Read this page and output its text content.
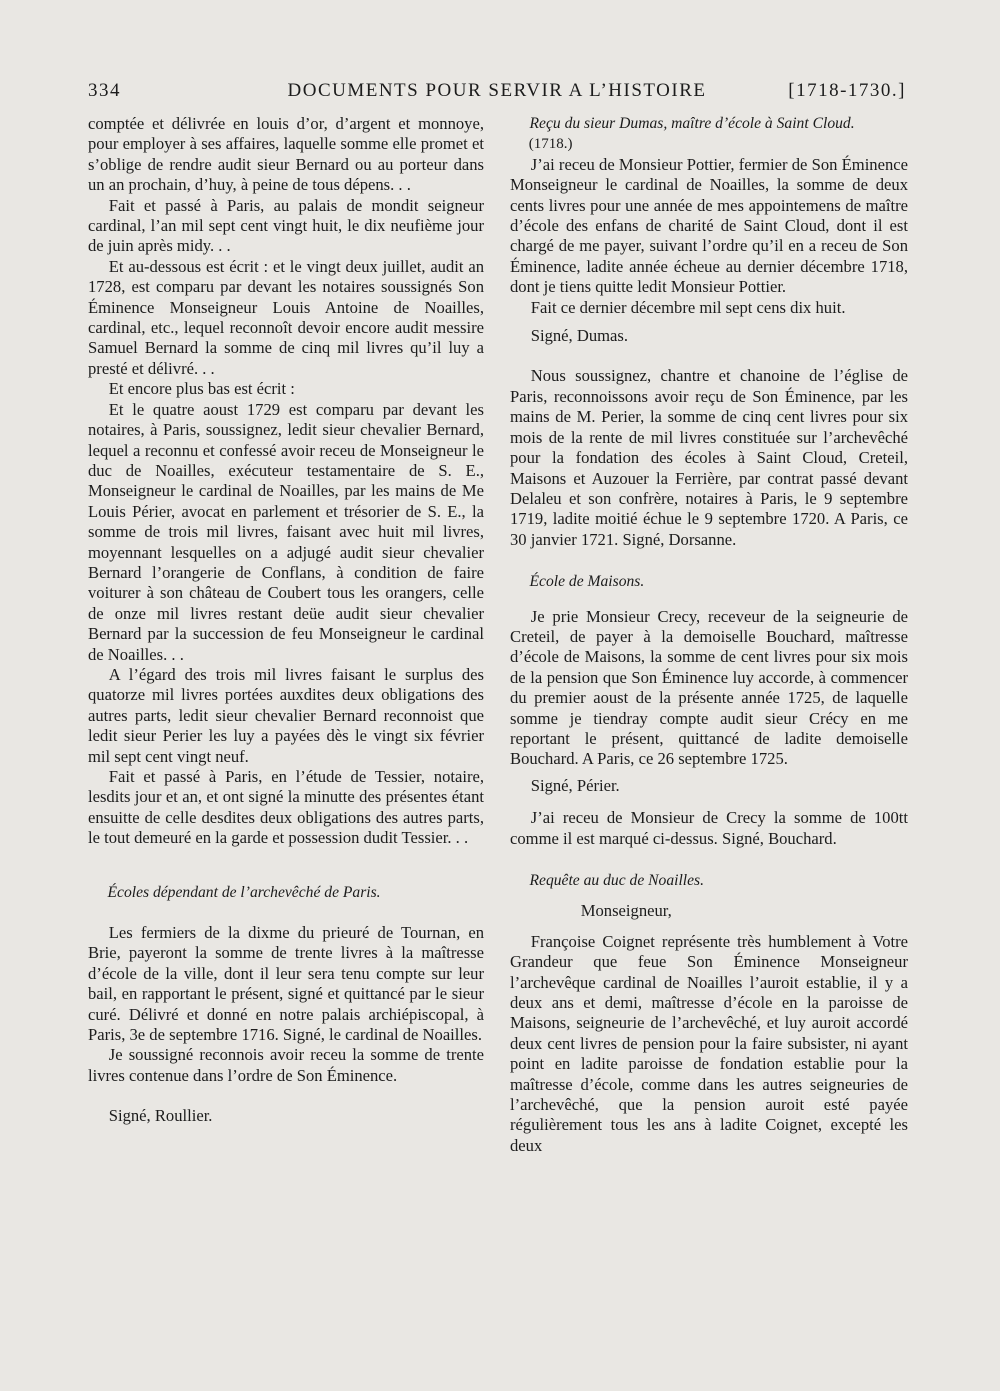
334	DOCUMENTS POUR SERVIR A L’HISTOIRE	[1718-1730.]

comptée et délivrée en louis d’or, d’argent et monnoye, pour employer à ses affaires, laquelle somme elle promet et s’oblige de rendre audit sieur Bernard ou au porteur dans un an prochain, d’huy, à peine de tous dépens. . .

Fait et passé à Paris, au palais de mondit seigneur cardinal, l’an mil sept cent vingt huit, le dix neufième jour de juin après midy. . .

Et au-dessous est écrit : et le vingt deux juillet, audit an 1728, est comparu par devant les notaires soussignés Son Éminence Monseigneur Louis Antoine de Noailles, cardinal, etc., lequel reconnoît devoir encore audit messire Samuel Bernard la somme de cinq mil livres qu’il luy a presté et délivré. . .

Et encore plus bas est écrit :

Et le quatre aoust 1729 est comparu par devant les notaires, à Paris, soussignez, ledit sieur chevalier Bernard, lequel a reconnu et confessé avoir receu de Monseigneur le duc de Noailles, exécuteur testamentaire de S. E., Monseigneur le cardinal de Noailles, par les mains de Me Louis Périer, avocat en parlement et trésorier de S. E., la somme de trois mil livres, faisant avec huit mil livres, moyennant lesquelles on a adjugé audit sieur chevalier Bernard l’orangerie de Conflans, à condition de faire voiturer à son château de Coubert tous les orangers, celle de onze mil livres restant deüe audit sieur chevalier Bernard par la succession de feu Monseigneur le cardinal de Noailles. . .

A l’égard des trois mil livres faisant le surplus des quatorze mil livres portées auxdites deux obligations des autres parts, ledit sieur chevalier Bernard reconnoist que ledit sieur Perier les luy a payées dès le vingt six février mil sept cent vingt neuf.

Fait et passé à Paris, en l’étude de Tessier, notaire, lesdits jour et an, et ont signé la minutte des présentes étant ensuitte de celle desdites deux obligations des autres parts, le tout demeuré en la garde et possession dudit Tessier. . .

Écoles dépendant de l’archevêché de Paris.

Les fermiers de la dixme du prieuré de Tournan, en Brie, payeront la somme de trente livres à la maîtresse d’école de la ville, dont il leur sera tenu compte sur leur bail, en rapportant le présent, signé et quittancé par le sieur curé. Délivré et donné en notre palais archiépiscopal, à Paris, 3e de septembre 1716. Signé, le cardinal de Noailles.

Je soussigné reconnois avoir receu la somme de trente livres contenue dans l’ordre de Son Éminence.

Signé, Roullier.

Reçu du sieur Dumas, maître d’école à Saint Cloud.

(1718.)

J’ai receu de Monsieur Pottier, fermier de Son Éminence Monseigneur le cardinal de Noailles, la somme de deux cents livres pour une année de mes appointemens de maître d’école des enfans de charité de Saint Cloud, dont il est chargé de me payer, suivant l’ordre qu’il en a receu de Son Éminence, ladite année écheue au dernier décembre 1718, dont je tiens quitte ledit Monsieur Pottier.

Fait ce dernier décembre mil sept cens dix huit.

Signé, Dumas.

Nous soussignez, chantre et chanoine de l’église de Paris, reconnoissons avoir reçu de Son Éminence, par les mains de M. Perier, la somme de cinq cent livres pour six mois de la rente de mil livres constituée sur l’archevêché pour la fondation des écoles à Saint Cloud, Creteil, Maisons et Auzouer la Ferrière, par contrat passé devant Delaleu et son confrère, notaires à Paris, le 9 septembre 1719, ladite moitié échue le 9 septembre 1720. A Paris, ce 30 janvier 1721. Signé, Dorsanne.

École de Maisons.

Je prie Monsieur Crecy, receveur de la seigneurie de Creteil, de payer à la demoiselle Bouchard, maîtresse d’école de Maisons, la somme de cent livres pour six mois de la pension que Son Éminence luy accorde, à commencer du premier aoust de la présente année 1725, de laquelle somme je tiendray compte audit sieur Crécy en me reportant le présent, quittancé de ladite demoiselle Bouchard. A Paris, ce 26 septembre 1725.

Signé, Périer.

J’ai receu de Monsieur de Crecy la somme de 100tt comme il est marqué ci-dessus. Signé, Bouchard.

Requête au duc de Noailles.

Monseigneur,

Françoise Coignet représente très humblement à Votre Grandeur que feue Son Éminence Monseigneur l’archevêque cardinal de Noailles l’auroit establie, il y a deux ans et demi, maîtresse d’école en la paroisse de Maisons, seigneurie de l’archevêché, et luy auroit accordé deux cent livres de pension pour la faire subsister, ni ayant point en ladite paroisse de fondation establie pour la maîtresse d’école, comme dans les autres seigneuries de l’archevêché, que la pension auroit esté payée régulièrement tous les ans à ladite Coignet, excepté les deux
